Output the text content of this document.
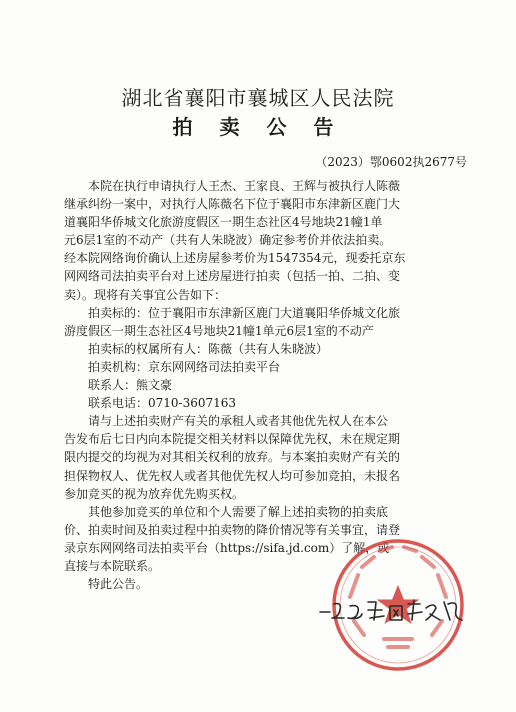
湖北省襄阳市襄城区人民法院
拍 卖 公 告
（2023）鄂0602执2677号

本院在执行申请执行人王杰、王家良、王辉与被执行人陈薇

继承纠纷一案中，对执行人陈薇名下位于襄阳市东津新区鹿门大

道襄阳华侨城文化旅游度假区一期生态社区4号地块21幢1单

元6层1室的不动产（共有人朱晓波）确定参考价并依法拍卖。

经本院网络询价确认上述房屋参考价为1547354元，现委托京东

网网络司法拍卖平台对上述房屋进行拍卖（包括一拍、二拍、变

卖）。现将有关事宜公告如下：

拍卖标的：位于襄阳市东津新区鹿门大道襄阳华侨城文化旅

游度假区一期生态社区4号地块21幢1单元6层1室的不动产

拍卖标的权属所有人：陈薇（共有人朱晓波）

拍卖机构：京东网网络司法拍卖平台

联系人：熊文豪

联系电话：0710-3607163

请与上述拍卖财产有关的承租人或者其他优先权人在本公

告发布后七日内向本院提交相关材料以保障优先权，未在规定期

限内提交的均视为对其相关权利的放弃。与本案拍卖财产有关的

担保物权人、优先权人或者其他优先权人均可参加竞拍，未报名

参加竞买的视为放弃优先购买权。

其他参加竞买的单位和个人需要了解上述拍卖物的拍卖底

价、拍卖时间及拍卖过程中拍卖物的降价情况等有关事宜，请登

录京东网网络司法拍卖平台（https://sifa.jd.com）了解，或

直接与本院联系。

特此公告。
